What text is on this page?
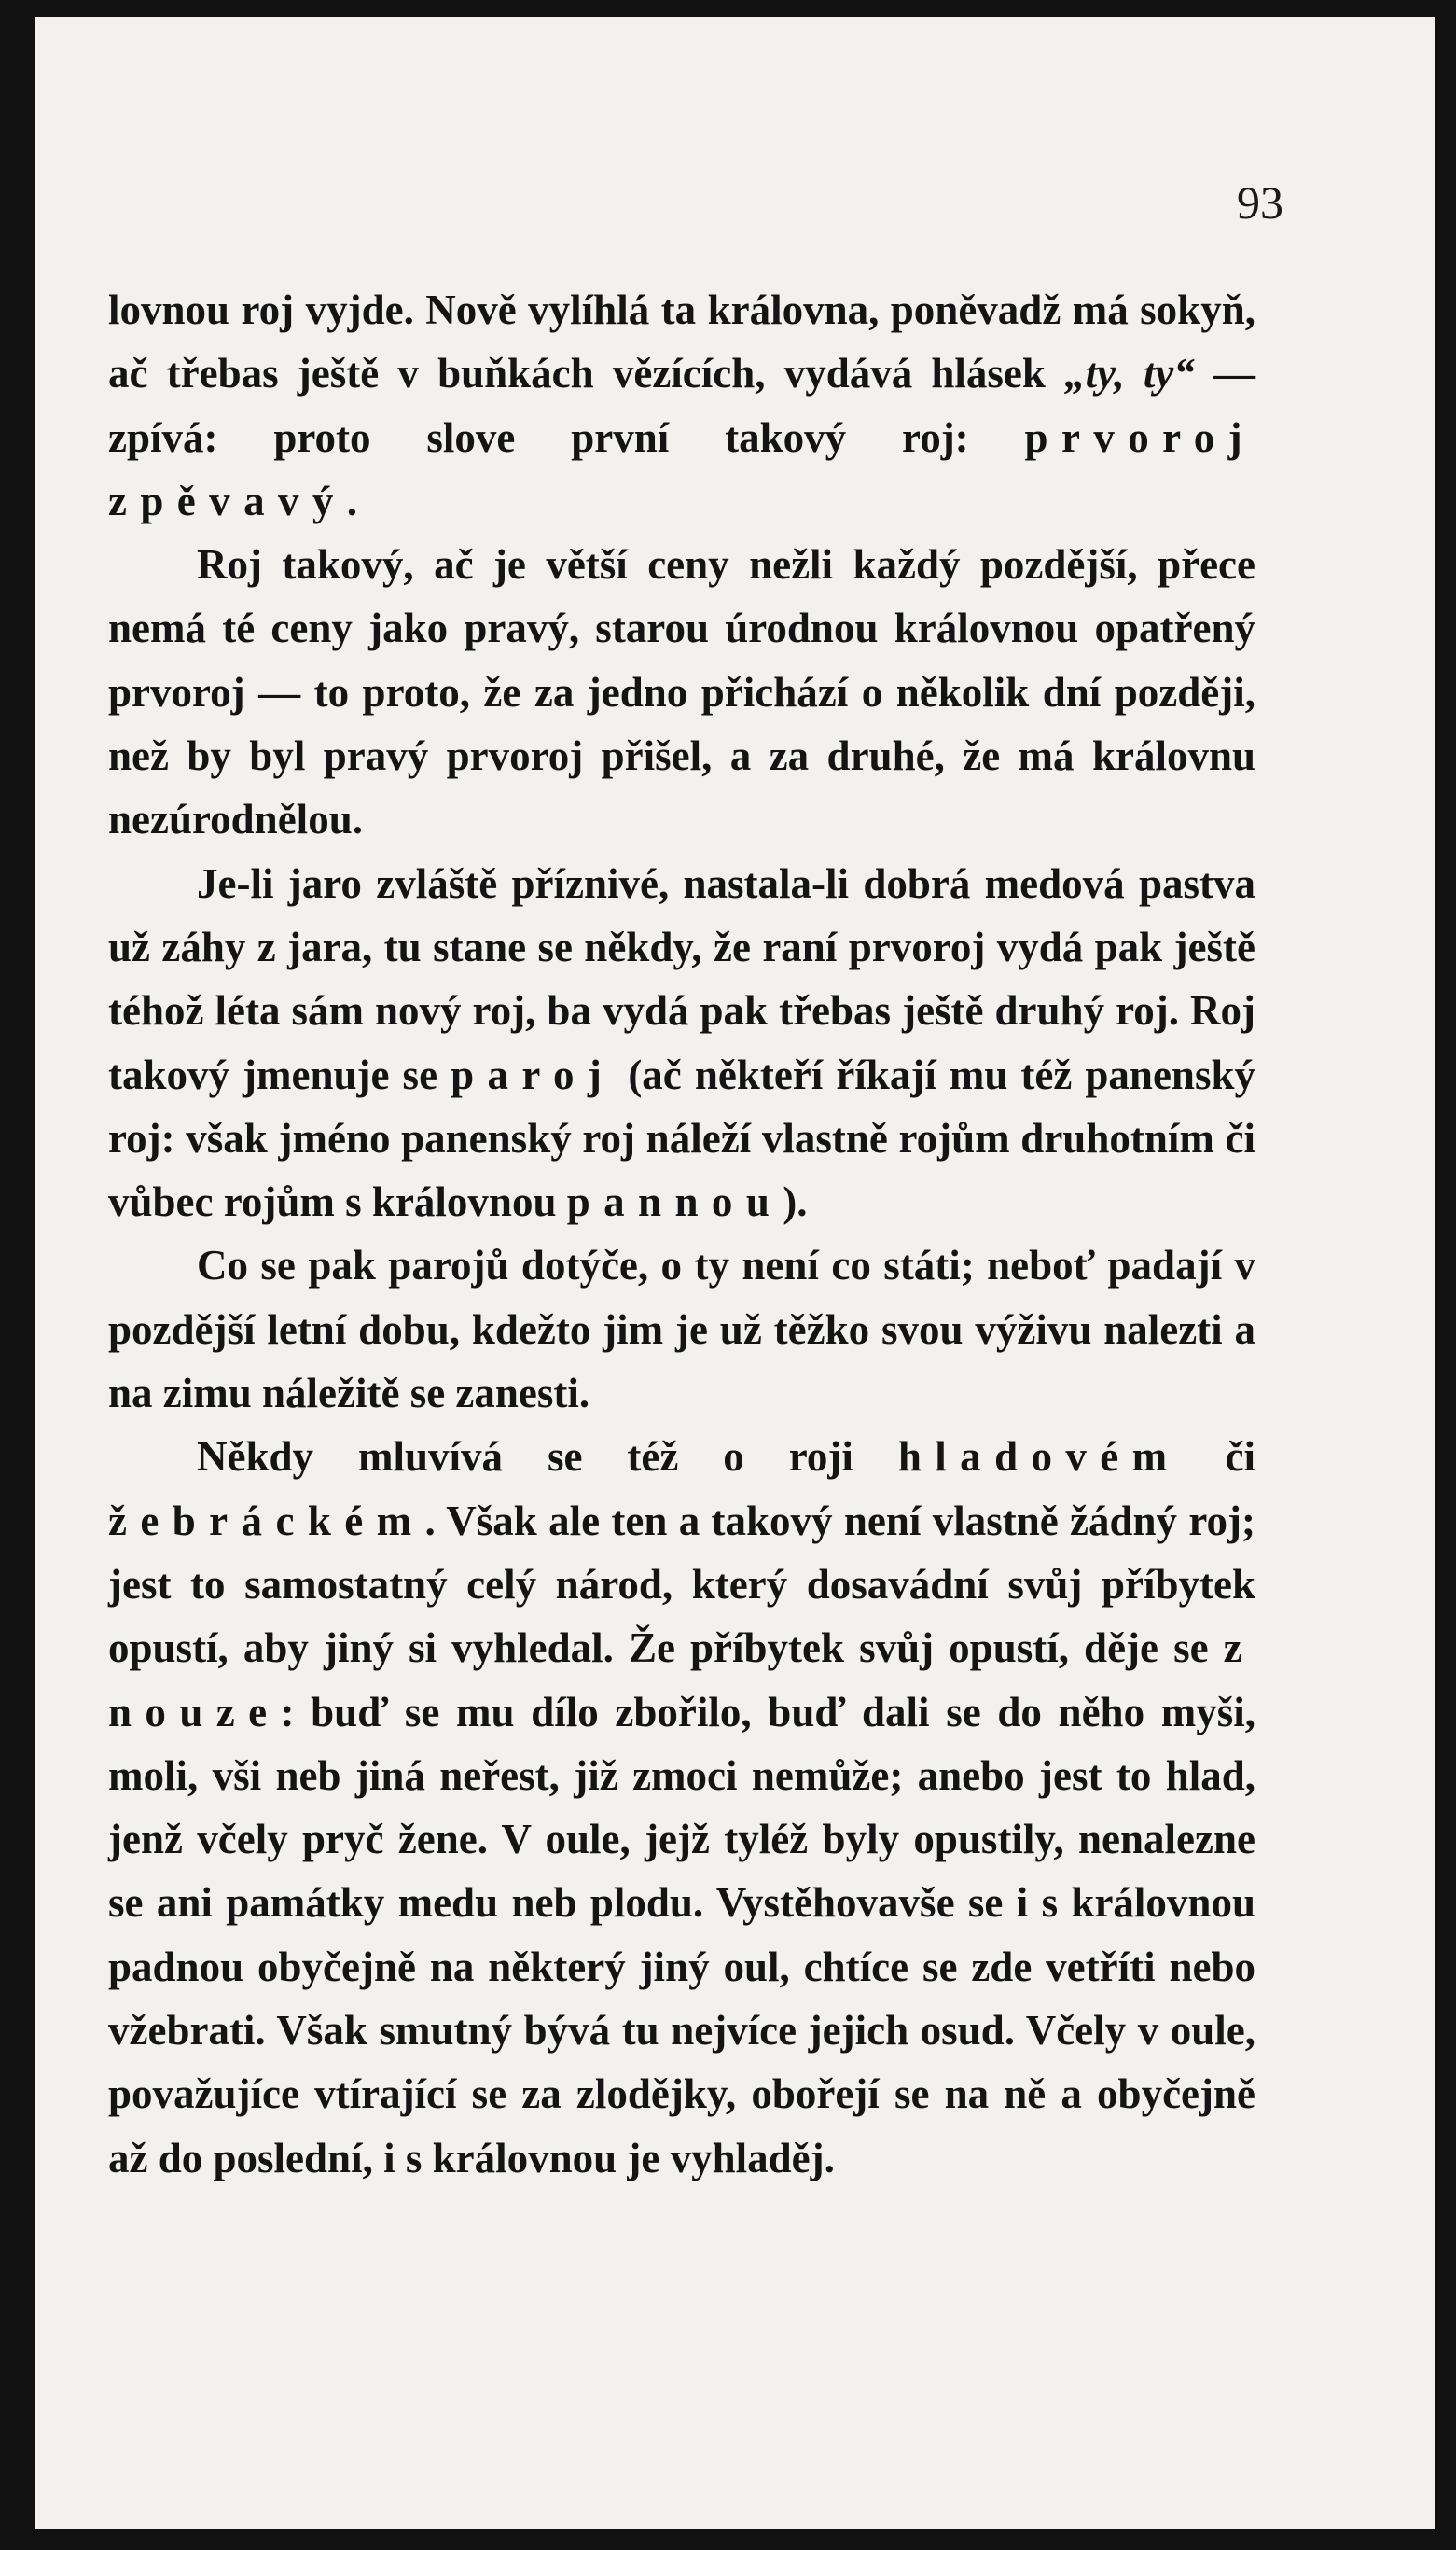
93

lovnou roj vyjde. Nově vylíhlá ta královna, poněvadž má sokyň, ač třebas ještě v buňkách vězících, vydává hlásek „ty, ty“ — zpívá: proto slove první takový roj: prvoroj zpěvavý.

Roj takový, ač je větší ceny nežli každý pozdější, přece nemá té ceny jako pravý, starou úrodnou královnou opatřený prvoroj — to proto, že za jedno přichází o několik dní později, než by byl pravý prvoroj přišel, a za druhé, že má královnu nezúrodnělou.

Je-li jaro zvláště příznivé, nastala-li dobrá medová pastva už záhy z jara, tu stane se někdy, že raní prvoroj vydá pak ještě téhož léta sám nový roj, ba vydá pak třebas ještě druhý roj. Roj takový jmenuje se paroj (ač někteří říkají mu též panenský roj: však jméno panenský roj náleží vlastně rojům druhotním či vůbec rojům s královnou pannou).

Co se pak parojů dotýče, o ty není co státi; neboť padají v pozdější letní dobu, kdežto jim je už těžko svou výživu nalezti a na zimu náležitě se zanesti.

Někdy mluvívá se též o roji hladovém či žebráckém. Však ale ten a takový není vlastně žádný roj; jest to samostatný celý národ, který dosavádní svůj příbytek opustí, aby jiný si vyhledal. Že příbytek svůj opustí, děje se z nouze: buď se mu dílo zbořilo, buď dali se do něho myši, moli, vši neb jiná neřest, již zmoci nemůže; anebo jest to hlad, jenž včely pryč žene. V oule, jejž tyléž byly opustily, nenalezne se ani památky medu neb plodu. Vystěhovavše se i s královnou padnou obyčejně na některý jiný oul, chtíce se zde vetříti nebo vžebrati. Však smutný bývá tu nejvíce jejich osud. Včely v oule, považujíce vtírající se za zlodějky, obořejí se na ně a obyčejně až do poslední, i s královnou je vyhladěj.
